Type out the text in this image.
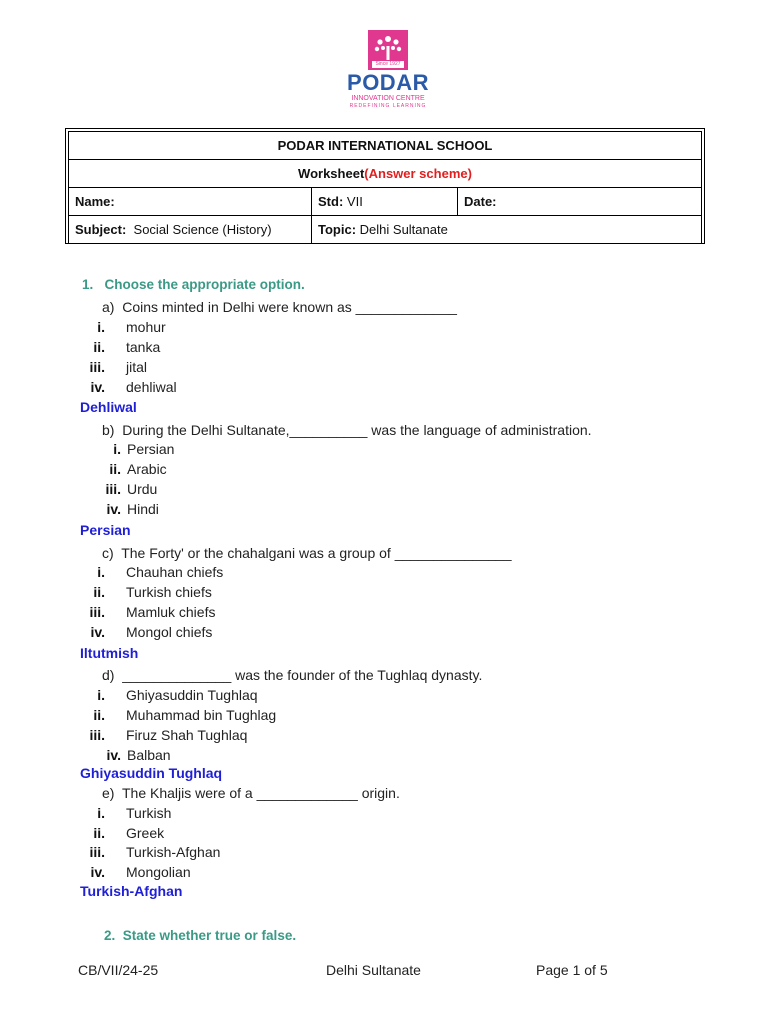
Since 1927
PODAR
INNOVATION CENTRE
REDEFINING LEARNING
PODAR INTERNATIONAL SCHOOL		
Worksheet(Answer scheme)		
Name:	Std: VII	Date:
Subject: Social Science (History)	Topic: Delhi Sultanate	
1. Choose the appropriate option.
a) Coins minted in Delhi were known as _____________
i. mohur
ii. tanka
iii. jital
iv. dehliwal
Dehliwal
b) During the Delhi Sultanate,__________ was the language of administration.
i. Persian
ii. Arabic
iii. Urdu
iv. Hindi
Persian
c) The Forty' or the chahalgani was a group of _______________
i. Chauhan chiefs
ii. Turkish chiefs
iii. Mamluk chiefs
iv. Mongol chiefs
Iltutmish
d) ______________ was the founder of the Tughlaq dynasty.
i. Ghiyasuddin Tughlaq
ii. Muhammad bin Tughlag
iii. Firuz Shah Tughlaq
iv. Balban
Ghiyasuddin Tughlaq
e) The Khaljis were of a _____________ origin.
i. Turkish
ii. Greek
iii. Turkish-Afghan
iv. Mongolian
Turkish-Afghan
2. State whether true or false.
CB/VII/24-25	Delhi Sultanate	Page 1 of 5
